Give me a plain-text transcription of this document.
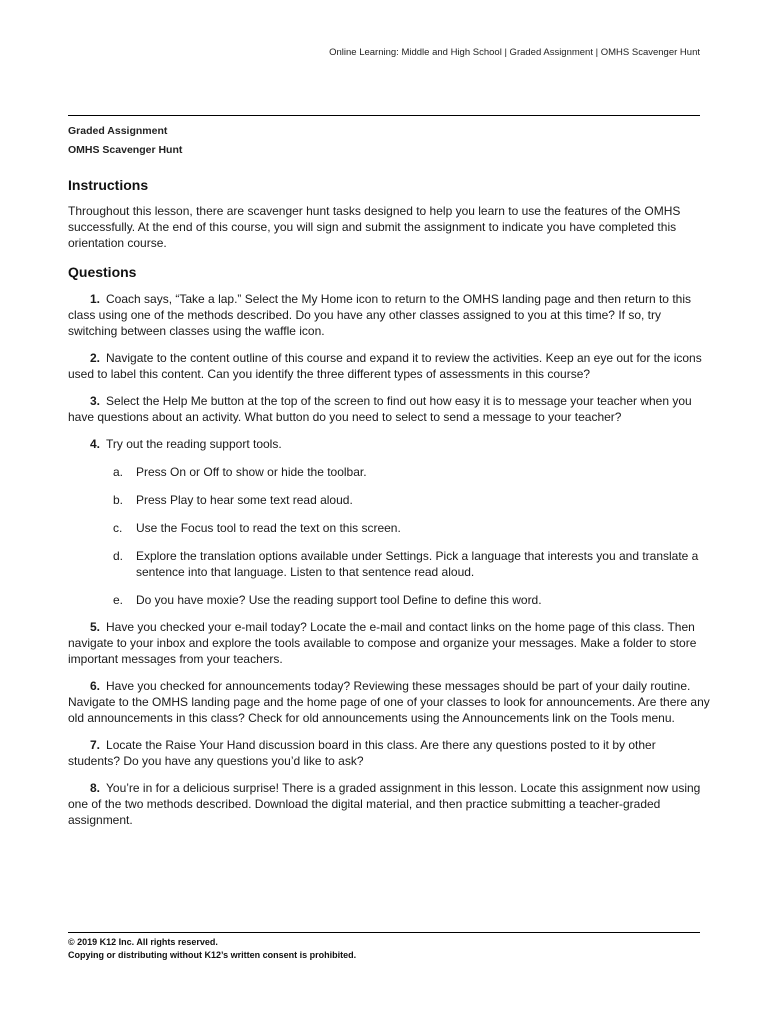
Online Learning: Middle and High School | Graded Assignment | OMHS Scavenger Hunt
Graded Assignment
OMHS Scavenger Hunt
Instructions
Throughout this lesson, there are scavenger hunt tasks designed to help you learn to use the features of the OMHS successfully. At the end of this course, you will sign and submit the assignment to indicate you have completed this orientation course.
Questions
1. Coach says, “Take a lap.” Select the My Home icon to return to the OMHS landing page and then return to this class using one of the methods described. Do you have any other classes assigned to you at this time? If so, try switching between classes using the waffle icon.
2. Navigate to the content outline of this course and expand it to review the activities. Keep an eye out for the icons used to label this content. Can you identify the three different types of assessments in this course?
3. Select the Help Me button at the top of the screen to find out how easy it is to message your teacher when you have questions about an activity. What button do you need to select to send a message to your teacher?
4. Try out the reading support tools.
a. Press On or Off to show or hide the toolbar.
b. Press Play to hear some text read aloud.
c. Use the Focus tool to read the text on this screen.
d. Explore the translation options available under Settings. Pick a language that interests you and translate a sentence into that language. Listen to that sentence read aloud.
e. Do you have moxie? Use the reading support tool Define to define this word.
5. Have you checked your e-mail today? Locate the e-mail and contact links on the home page of this class. Then navigate to your inbox and explore the tools available to compose and organize your messages. Make a folder to store important messages from your teachers.
6. Have you checked for announcements today? Reviewing these messages should be part of your daily routine. Navigate to the OMHS landing page and the home page of one of your classes to look for announcements. Are there any old announcements in this class? Check for old announcements using the Announcements link on the Tools menu.
7. Locate the Raise Your Hand discussion board in this class. Are there any questions posted to it by other students? Do you have any questions you’d like to ask?
8. You’re in for a delicious surprise! There is a graded assignment in this lesson. Locate this assignment now using one of the two methods described. Download the digital material, and then practice submitting a teacher-graded assignment.
© 2019 K12 Inc. All rights reserved.
Copying or distributing without K12’s written consent is prohibited.
